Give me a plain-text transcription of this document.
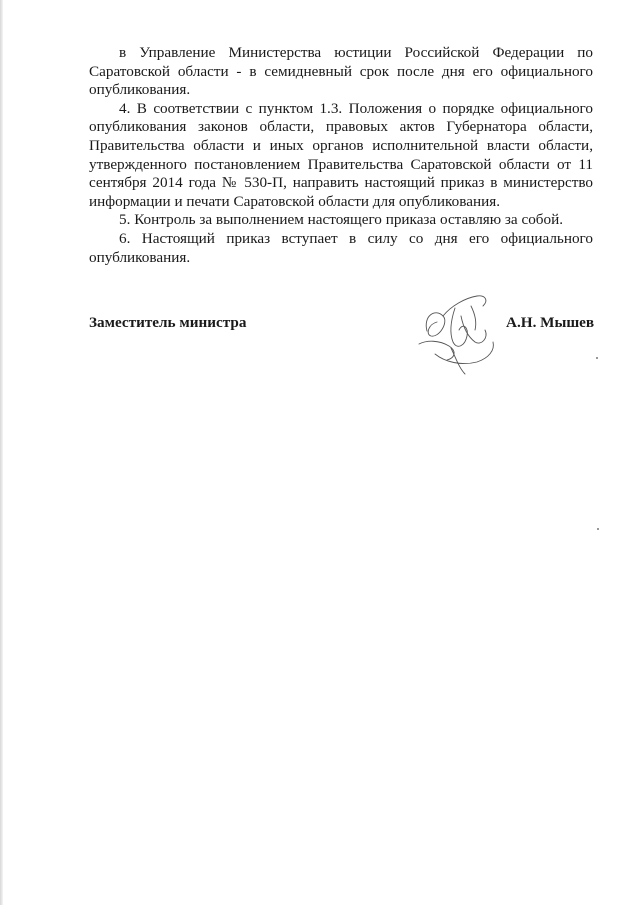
в Управление Министерства юстиции Российской Федерации по Саратовской области - в семидневный срок после дня его официального опубликования.

4. В соответствии с пунктом 1.3. Положения о порядке официального опубликования законов области, правовых актов Губернатора области, Правительства области и иных органов исполнительной власти области, утвержденного постановлением Правительства Саратовской области от 11 сентября 2014 года № 530-П, направить настоящий приказ в министерство информации и печати Саратовской области для опубликования.

5. Контроль за выполнением настоящего приказа оставляю за собой.

6. Настоящий приказ вступает в силу со дня его официального опубликования.

Заместитель министра	А.Н. Мышев
